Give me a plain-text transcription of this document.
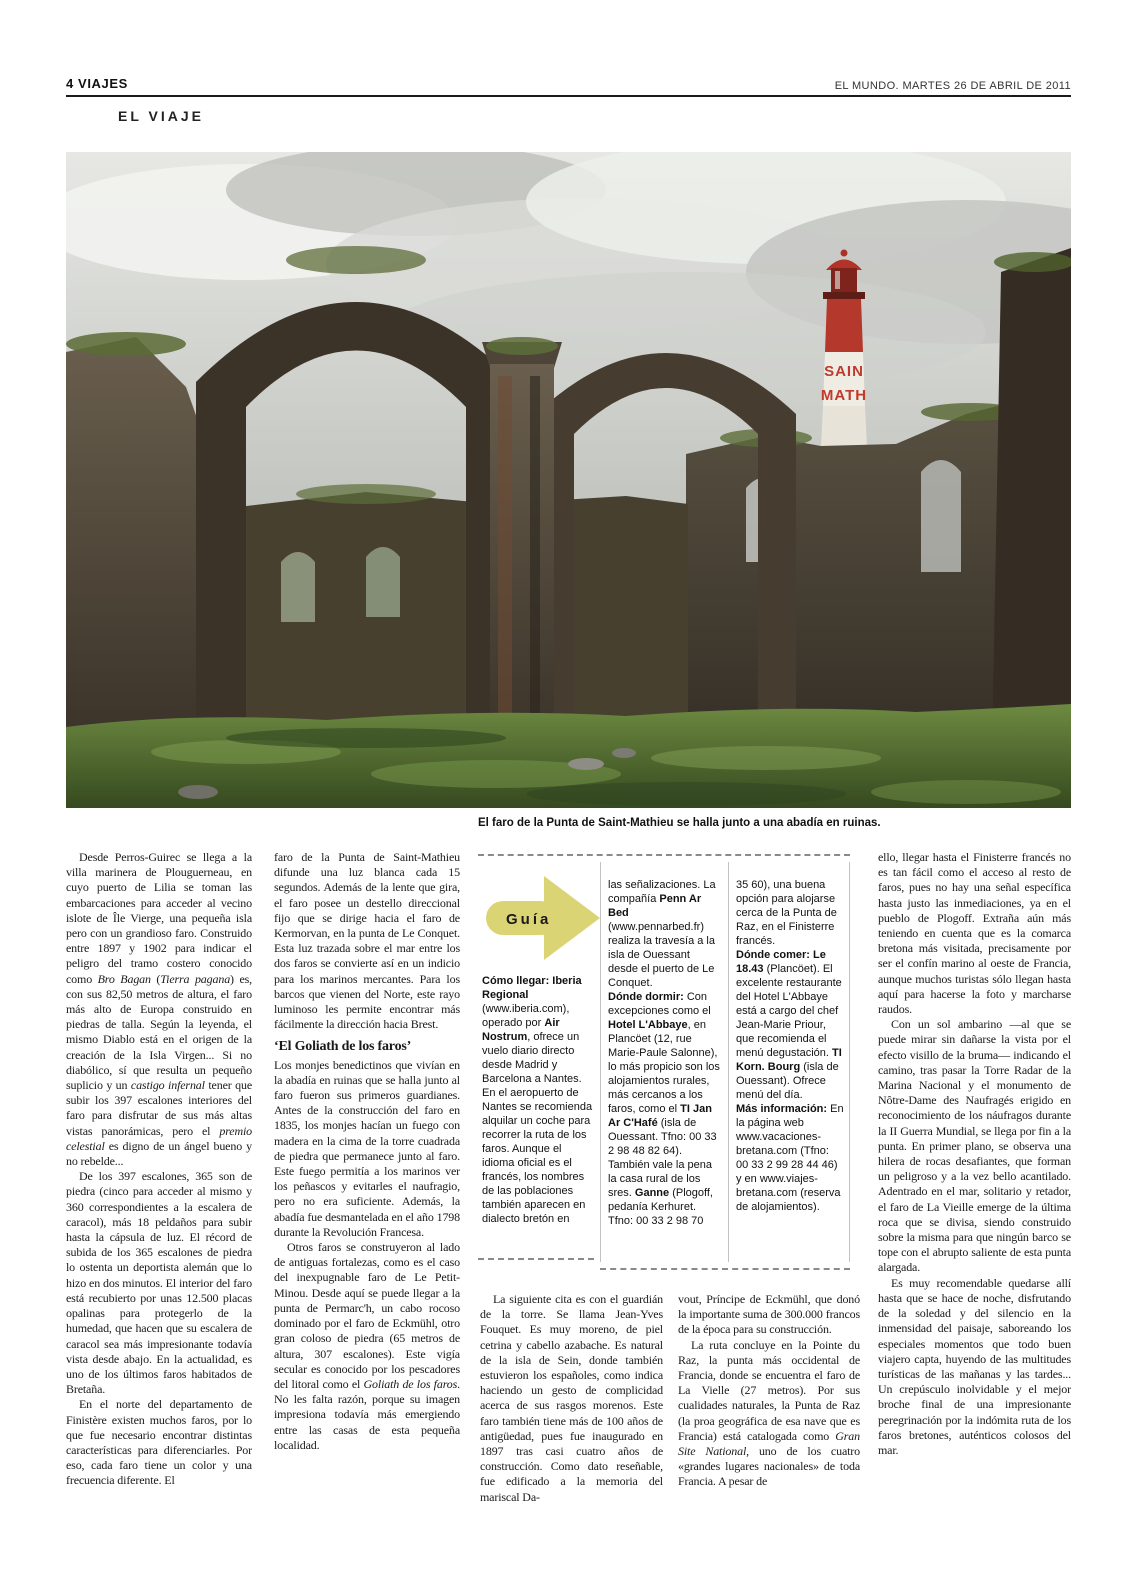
4 VIAJES	EL MUNDO. MARTES 26 DE ABRIL DE 2011
EL VIAJE
SAIN
MATH
El faro de la Punta de Saint-Mathieu se halla junto a una abadía en ruinas.

Desde Perros-Guirec se llega a la villa marinera de Plouguerneau, en cuyo puerto de Lilia se toman las embarcaciones para acceder al vecino islote de Île Vierge, una pequeña isla pero con un grandioso faro. Construido entre 1897 y 1902 para indicar el peligro del tramo costero conocido como Bro Bagan (Tierra pagana) es, con sus 82,50 metros de altura, el faro más alto de Europa construido en piedras de talla. Según la leyenda, el mismo Diablo está en el origen de la creación de la Isla Virgen... Si no diabólico, sí que resulta un pequeño suplicio y un castigo infernal tener que subir los 397 escalones interiores del faro para disfrutar de sus más altas vistas panorámicas, pero el premio celestial es digno de un ángel bueno y no rebelde...

De los 397 escalones, 365 son de piedra (cinco para acceder al mismo y 360 correspondientes a la escalera de caracol), más 18 peldaños para subir hasta la cápsula de luz. El récord de subida de los 365 escalones de piedra lo ostenta un deportista alemán que lo hizo en dos minutos. El interior del faro está recubierto por unas 12.500 placas opalinas para protegerlo de la humedad, que hacen que su escalera de caracol sea más impresionante todavía vista desde abajo. En la actualidad, es uno de los últimos faros habitados de Bretaña.

En el norte del departamento de Finistère existen muchos faros, por lo que fue necesario encontrar distintas características para diferenciarles. Por eso, cada faro tiene un color y una frecuencia diferente. El

faro de la Punta de Saint-Mathieu difunde una luz blanca cada 15 segundos. Además de la lente que gira, el faro posee un destello direccional fijo que se dirige hacia el faro de Kermorvan, en la punta de Le Conquet. Esta luz trazada sobre el mar entre los dos faros se convierte así en un indicio para los marinos mercantes. Para los barcos que vienen del Norte, este rayo luminoso les permite encontrar más fácilmente la dirección hacia Brest.

‘El Goliath de los faros’

Los monjes benedictinos que vivían en la abadía en ruinas que se halla junto al faro fueron sus primeros guardianes. Antes de la construcción del faro en 1835, los monjes hacían un fuego con madera en la cima de la torre cuadrada de piedra que permanece junto al faro. Este fuego permitía a los marinos ver los peñascos y evitarles el naufragio, pero no era suficiente. Además, la abadía fue desmantelada en el año 1798 durante la Revolución Francesa.

Otros faros se construyeron al lado de antiguas fortalezas, como es el caso del inexpugnable faro de Le Petit-Minou. Desde aquí se puede llegar a la punta de Permarc'h, un cabo rocoso dominado por el faro de Eckmühl, otro gran coloso de piedra (65 metros de altura, 307 escalones). Este vigía secular es conocido por los pescadores del litoral como el Goliath de los faros. No les falta razón, porque su imagen impresiona todavía más emergiendo entre las casas de esta pequeña localidad.

Guía

Cómo llegar: Iberia Regional (www.iberia.com), operado por Air Nostrum, ofrece un vuelo diario directo desde Madrid y Barcelona a Nantes. En el aeropuerto de Nantes se recomienda alquilar un coche para recorrer la ruta de los faros. Aunque el idioma oficial es el francés, los nombres de las poblaciones también aparecen en dialecto bretón en

las señalizaciones. La compañía Penn Ar Bed (www.pennarbed.fr) realiza la travesía a la isla de Ouessant desde el puerto de Le Conquet.

Dónde dormir: Con excepciones como el Hotel L'Abbaye, en Plancöet (12, rue Marie-Paule Salonne), lo más propicio son los alojamientos rurales, más cercanos a los faros, como el TI Jan Ar C'Hafé (isla de Ouessant. Tfno: 00 33 2 98 48 82 64). También vale la pena la casa rural de los sres. Ganne (Plogoff, pedanía Kerhuret. Tfno: 00 33 2 98 70

35 60), una buena opción para alojarse cerca de la Punta de Raz, en el Finisterre francés.

Dónde comer: Le 18.43 (Plancöet). El excelente restaurante del Hotel L'Abbaye está a cargo del chef Jean-Marie Priour, que recomienda el menú degustación. TI Korn. Bourg (isla de Ouessant). Ofrece menú del día.

Más información: En la página web www.vacaciones-bretana.com (Tfno: 00 33 2 99 28 44 46) y en www.viajes-bretana.com (reserva de alojamientos).

La siguiente cita es con el guardián de la torre. Se llama Jean-Yves Fouquet. Es muy moreno, de piel cetrina y cabello azabache. Es natural de la isla de Sein, donde también estuvieron los españoles, como indica haciendo un gesto de complicidad acerca de sus rasgos morenos. Este faro también tiene más de 100 años de antigüedad, pues fue inaugurado en 1897 tras casi cuatro años de construcción. Como dato reseñable, fue edificado a la memoria del mariscal Da-

vout, Príncipe de Eckmühl, que donó la importante suma de 300.000 francos de la época para su construcción.

La ruta concluye en la Pointe du Raz, la punta más occidental de Francia, donde se encuentra el faro de La Vielle (27 metros). Por sus cualidades naturales, la Punta de Raz (la proa geográfica de esa nave que es Francia) está catalogada como Gran Site National, uno de los cuatro «grandes lugares nacionales» de toda Francia. A pesar de

ello, llegar hasta el Finisterre francés no es tan fácil como el acceso al resto de faros, pues no hay una señal específica hasta justo las inmediaciones, ya en el pueblo de Plogoff. Extraña aún más teniendo en cuenta que es la comarca bretona más visitada, precisamente por ser el confín marino al oeste de Francia, aunque muchos turistas sólo llegan hasta aquí para hacerse la foto y marcharse raudos.

Con un sol ambarino —al que se puede mirar sin dañarse la vista por el efecto visillo de la bruma— indicando el camino, tras pasar la Torre Radar de la Marina Nacional y el monumento de Nôtre-Dame des Naufragés erigido en reconocimiento de los náufragos durante la II Guerra Mundial, se llega por fin a la punta. En primer plano, se observa una hilera de rocas desafiantes, que forman un peligroso y a la vez bello acantilado. Adentrado en el mar, solitario y retador, el faro de La Vieille emerge de la última roca que se divisa, siendo construido sobre la misma para que ningún barco se tope con el abrupto saliente de esta punta alargada.

Es muy recomendable quedarse allí hasta que se hace de noche, disfrutando de la soledad y del silencio en la inmensidad del paisaje, saboreando los especiales momentos que todo buen viajero capta, huyendo de las multitudes turísticas de las mañanas y las tardes... Un crepúsculo inolvidable y el mejor broche final de una impresionante peregrinación por la indómita ruta de los faros bretones, auténticos colosos del mar.
